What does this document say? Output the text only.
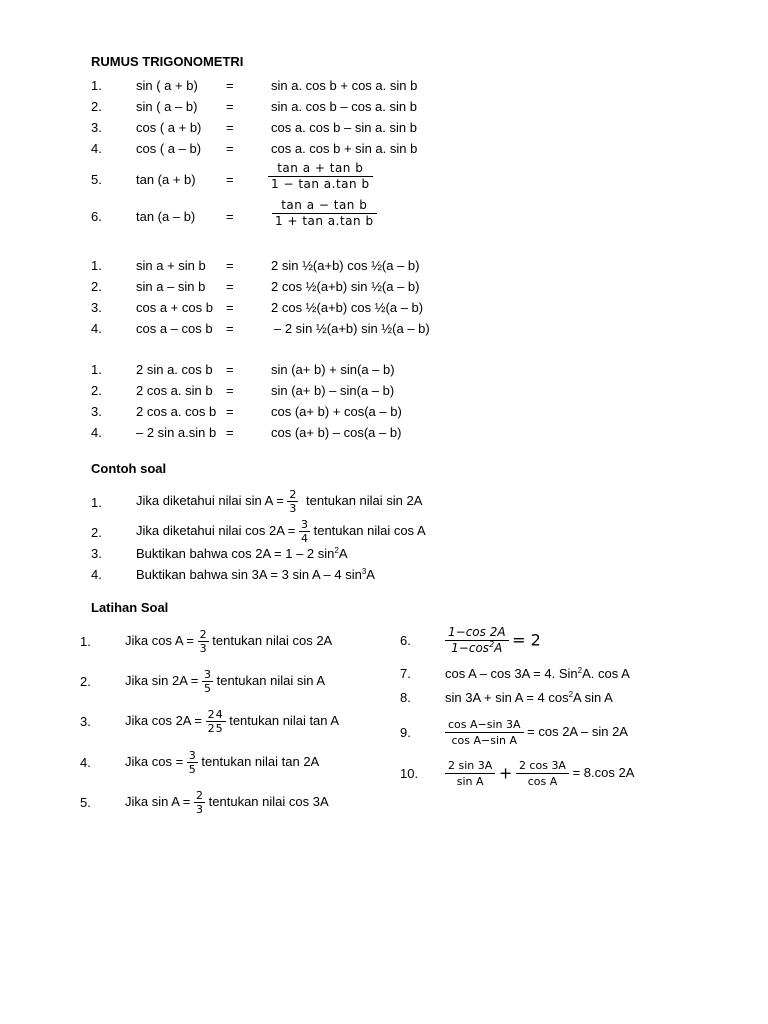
RUMUS TRIGONOMETRI
1.	sin ( a + b) =	sin a. cos b + cos a. sin b
2.	sin ( a – b) =	sin a. cos b – cos a. sin b
3.	cos ( a + b) =	cos a. cos b – sin a. sin b
4.	cos ( a – b) =	cos a. cos b + sin a. sin b
5.	tan (a + b) =	$\frac{\text{tan a + tan b}}{\text{1 − tan a.tan b}}$
6.	tan (a – b) =	$\frac{\text{tan a − tan b}}{\text{1 + tan a.tan b}}$
1.	sin a + sin b =	2 sin ½(a+b) cos ½(a – b)
2.	sin a – sin b =	2 cos ½(a+b) sin ½(a – b)
3.	cos a + cos b =	2 cos ½(a+b) cos ½(a – b)
4.	cos a – cos b =	– 2 sin ½(a+b) sin ½(a – b)
1.	2 sin a. cos b =	sin (a+ b) + sin(a – b)
2.	2 cos a. sin b =	sin (a+ b) – sin(a – b)
3.	2 cos a. cos b =	cos (a+ b) + cos(a – b)
4.	– 2 sin a.sin b =	cos (a+ b) – cos(a – b)
Contoh soal
1.	Jika diketahui nilai $\sin A = \frac{2}{3}$ tentukan nilai sin 2A
2.	Jika diketahui nilai $\cos 2A = \frac{3}{4}$ tentukan nilai cos A
3.	Buktikan bahwa cos 2A = 1 – 2 $\sin^2A$
4.	Buktikan bahwa sin 3A = 3 sin A – 4 $\sin^3A$
Latihan Soal
1.	Jika $\cos A = \frac{2}{3}$ tentukan nilai cos 2A
2.	Jika $\sin 2A = \frac{3}{5}$ tentukan nilai sin A
3.	Jika $\cos 2A = \frac{24}{25}$ tentukan nilai tan A
4.	Jika $\cos = \frac{3}{5}$ tentukan nilai tan 2A
5.	Jika $\sin A = \frac{2}{3}$ tentukan nilai cos 3A
6.	$\frac{1-\cos 2A}{1-\cos^2A} = 2$
7.	cos A – cos 3A = 4. Sin$^2$A. cos A
8.	sin 3A + sin A = 4 $\cos^2A$ sin A
9.	$\frac{\text{cos A−sin 3A}}{\text{cos A−sin A}} = \cos 2A - \sin 2A$
10. $\frac{2 \sin 3A}{\text{sin A}} + \frac{2 \cos 3A}{\text{cos A}} = 8.\cos$ 2A
